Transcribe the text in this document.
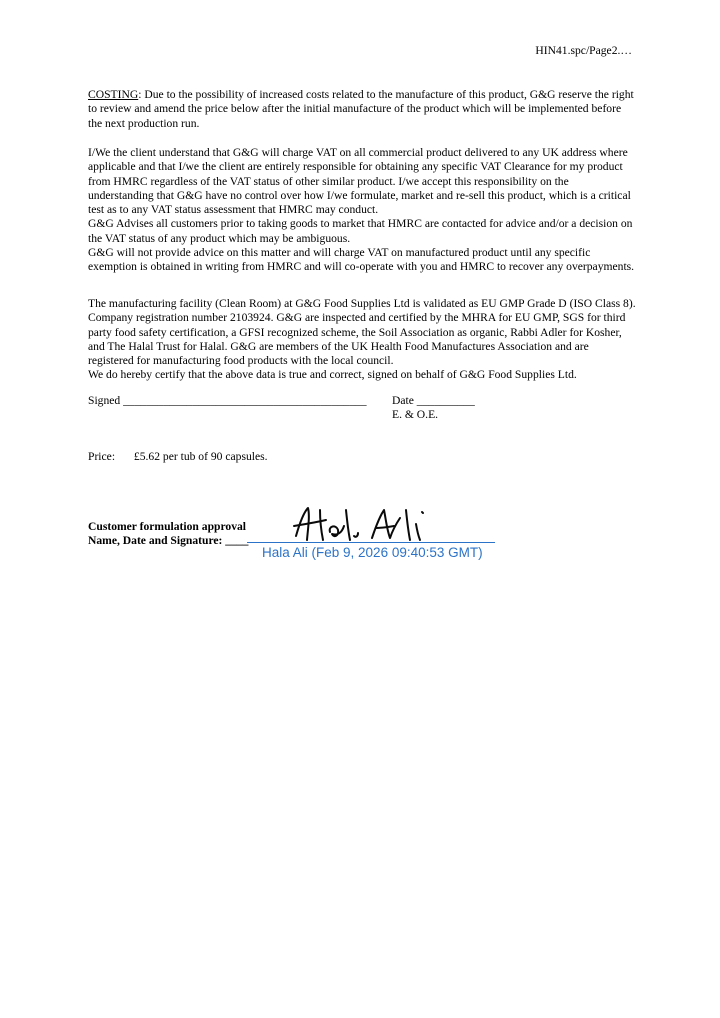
HIN41.spc/Page2.…

COSTING: Due to the possibility of increased costs related to the manufacture of this product, G&G reserve the right to review and amend the price below after the initial manufacture of the product which will be implemented before the next production run.

I/We the client understand that G&G will charge VAT on all commercial product delivered to any UK address where applicable and that I/we the client are entirely responsible for obtaining any specific VAT Clearance for my product from HMRC regardless of the VAT status of other similar product. I/we accept this responsibility on the understanding that G&G have no control over how I/we formulate, market and re-sell this product, which is a critical test as to any VAT status assessment that HMRC may conduct.
G&G Advises all customers prior to taking goods to market that HMRC are contacted for advice and/or a decision on the VAT status of any product which may be ambiguous.
G&G will not provide advice on this matter and will charge VAT on manufactured product until any specific exemption is obtained in writing from HMRC and will co-operate with you and HMRC to recover any overpayments.
The manufacturing facility (Clean Room) at G&G Food Supplies Ltd is validated as EU GMP Grade D (ISO Class 8). Company registration number 2103924. G&G are inspected and certified by the MHRA for EU GMP, SGS for third party food safety certification, a GFSI recognized scheme, the Soil Association as organic, Rabbi Adler for Kosher, and The Halal Trust for Halal. G&G are members of the UK Health Food Manufactures Association and are registered for manufacturing food products with the local council.
We do hereby certify that the above data is true and correct, signed on behalf of G&G Food Supplies Ltd.
Signed __________________________________________ Date __________
E. & O.E.
Price: £5.62 per tub of 90 capsules.
Customer formulation approval
Name, Date and Signature: ____
Hala Ali (Feb 9, 2026 09:40:53 GMT)
